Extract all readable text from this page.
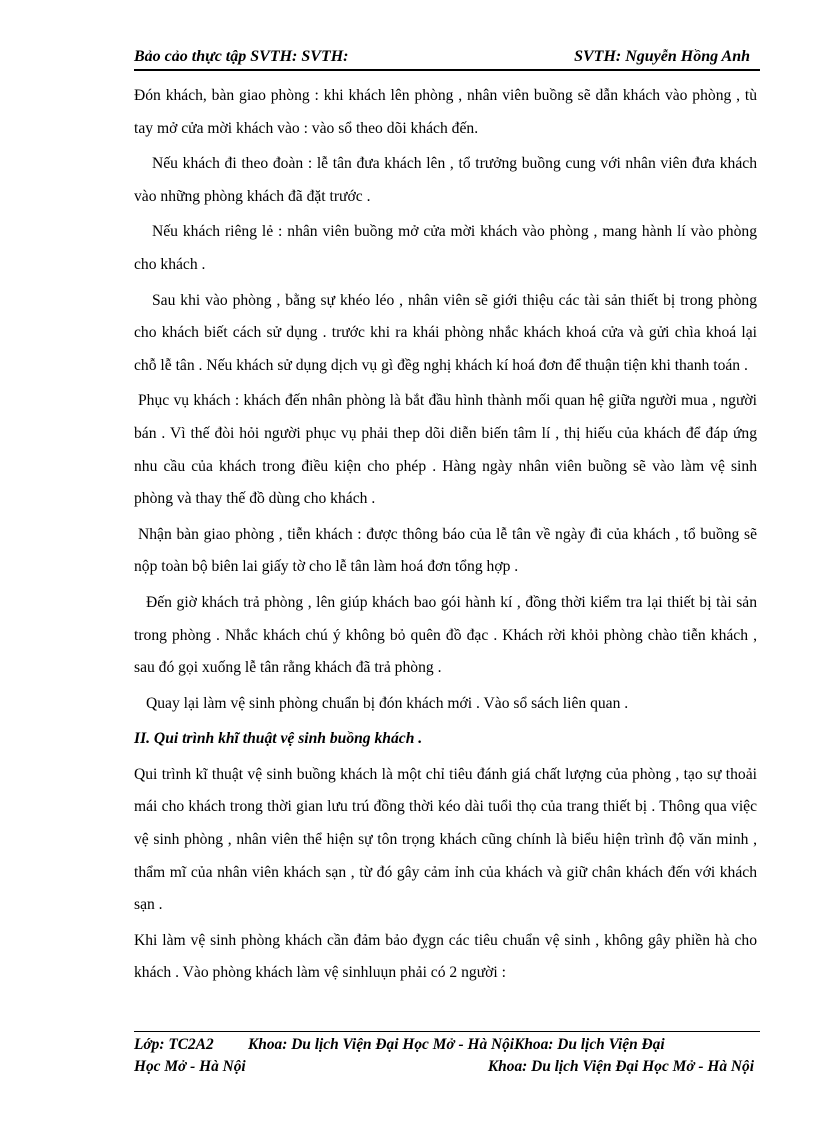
Bảo cảo thực tập SVTH: SVTH:	SVTH: Nguyễn Hồng Anh

Đón khách, bàn giao phòng : khi khách lên phòng , nhân viên buồng sẽ dẫn khách vào phòng , tù tay mở cửa mời khách vào : vào sổ theo dõi khách đến.

Nếu khách đi theo đoàn : lễ tân đưa khách lên , tổ trưởng buồng cung với nhân viên đưa khách vào những phòng khách đã đặt trước .

Nếu khách riêng lẻ : nhân viên buồng mở cửa mời khách vào phòng , mang hành lí vào phòng cho khách .

Sau khi vào phòng , bằng sự khéo léo , nhân viên sẽ giới thiệu các tài sản thiết bị trong phòng cho khách biết cách sử dụng . trước khi ra khái phòng nhắc khách khoá cửa và gửi chìa khoá lại chỗ lễ tân . Nếu khách sử dụng dịch vụ gì đềg nghị khách kí hoá đơn để thuận tiện khi thanh toán .

Phục vụ khách : khách đến nhân phòng là bắt đầu hình thành mối quan hệ giữa người mua , người bán . Vì thế đòi hỏi người phục vụ phải thep dõi diễn biến tâm lí , thị hiếu của khách để đáp ứng nhu cầu của khách trong điều kiện cho phép . Hàng ngày nhân viên buồng sẽ vào làm vệ sinh phòng và thay thế đồ dùng cho khách .

Nhận bàn giao phòng , tiễn khách : được thông báo của lễ tân về ngày đi của khách , tổ buồng sẽ nộp toàn bộ biên lai giấy tờ cho lễ tân làm hoá đơn tổng hợp .

Đến giờ khách trả phòng , lên giúp khách bao gói hành kí , đồng thời kiểm tra lại thiết bị tài sản trong phòng . Nhắc khách chú ý không bỏ quên đồ đạc . Khách rời khỏi phòng chào tiễn khách , sau đó gọi xuống lễ tân rằng khách đã trả phòng .

Quay lại làm vệ sinh phòng chuẩn bị đón khách mới . Vào sổ sách liên quan .

II. Qui trình khĩ thuật vệ sinh buồng khách .

Qui trình kĩ thuật vệ sinh buồng khách là một chỉ tiêu đánh giá chất lượng của phòng , tạo sự thoải mái cho khách trong thời gian lưu trú đồng thời kéo dài tuổi thọ của trang thiết bị . Thông qua việc vệ sinh phòng , nhân viên thể hiện sự tôn trọng khách cũng chính là biểu hiện trình độ văn minh , thẩm mĩ của nhân viên khách sạn , từ đó gây cảm ỉnh của khách và giữ chân khách đến với khách sạn .

Khi làm vệ sinh phòng khách cần đảm bảo đỵgn các tiêu chuẩn vệ sinh , không gây phiền hà cho khách . Vào phòng khách làm vệ sinhluụn phải có 2 người :

Lớp: TC2A2 Khoa: Du lịch Viện Đại Học Mở - Hà NộiKhoa: Du lịch Viện Đại
Học Mở - Hà Nội	Khoa: Du lịch Viện Đại Học Mở - Hà Nội
